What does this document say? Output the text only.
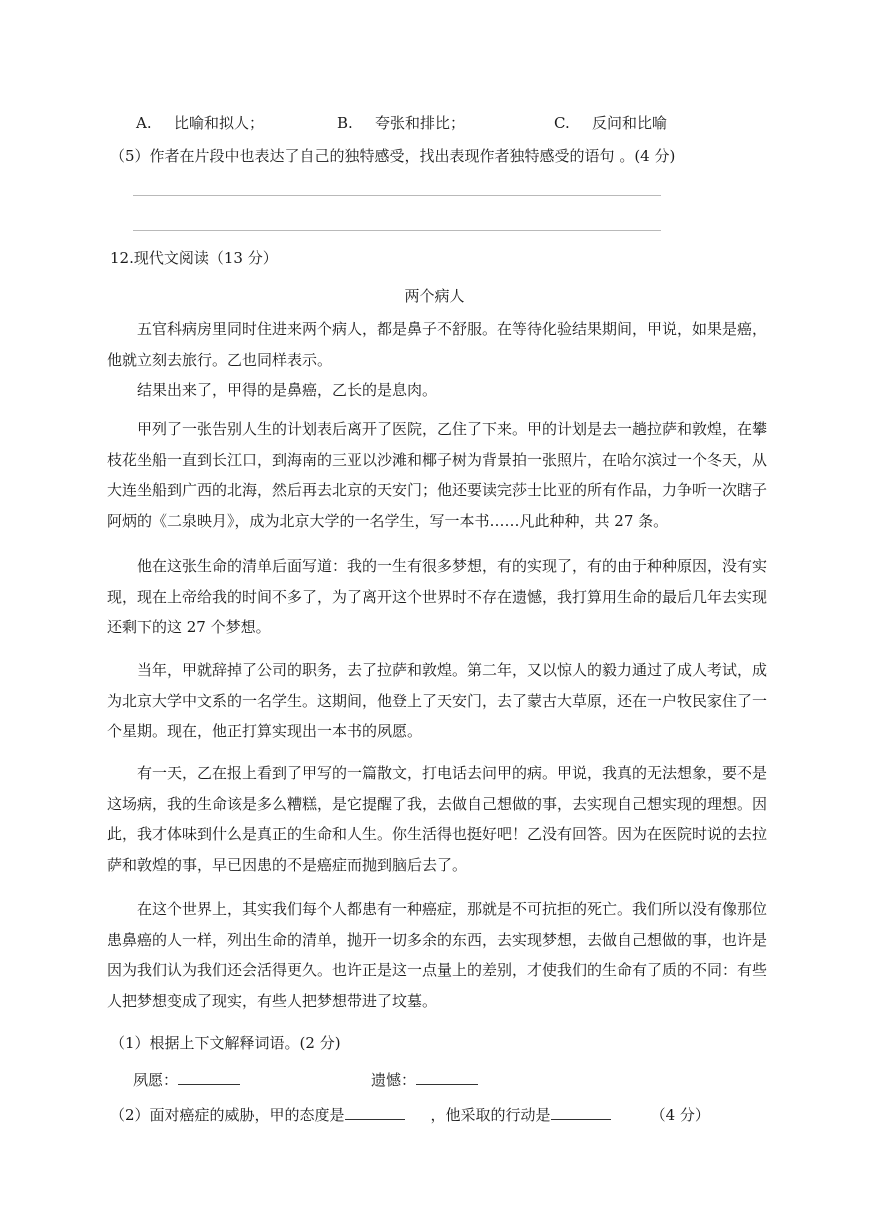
A. 比喻和拟人；	B. 夸张和排比；	C. 反问和比喻
（5）作者在片段中也表达了自己的独特感受，找出表现作者独特感受的语句 。(4 分)
12.现代文阅读（13 分）
两个病人
五官科病房里同时住进来两个病人，都是鼻子不舒服。在等待化验结果期间，甲说，如果是癌，他就立刻去旅行。乙也同样表示。
结果出来了，甲得的是鼻癌，乙长的是息肉。
甲列了一张告别人生的计划表后离开了医院，乙住了下来。甲的计划是去一趟拉萨和敦煌，在攀枝花坐船一直到长江口，到海南的三亚以沙滩和椰子树为背景拍一张照片，在哈尔滨过一个冬天，从大连坐船到广西的北海，然后再去北京的天安门；他还要读完莎士比亚的所有作品，力争听一次瞎子阿炳的《二泉映月》，成为北京大学的一名学生，写一本书……凡此种种，共 27 条。
他在这张生命的清单后面写道：我的一生有很多梦想，有的实现了，有的由于种种原因，没有实现，现在上帝给我的时间不多了，为了离开这个世界时不存在遗憾，我打算用生命的最后几年去实现还剩下的这 27 个梦想。
当年，甲就辞掉了公司的职务，去了拉萨和敦煌。第二年，又以惊人的毅力通过了成人考试，成为北京大学中文系的一名学生。这期间，他登上了天安门，去了蒙古大草原，还在一户牧民家住了一个星期。现在，他正打算实现出一本书的夙愿。
有一天，乙在报上看到了甲写的一篇散文，打电话去问甲的病。甲说，我真的无法想象，要不是这场病，我的生命该是多么糟糕，是它提醒了我，去做自己想做的事，去实现自己想实现的理想。因此，我才体味到什么是真正的生命和人生。你生活得也挺好吧！乙没有回答。因为在医院时说的去拉萨和敦煌的事，早已因患的不是癌症而抛到脑后去了。
在这个世界上，其实我们每个人都患有一种癌症，那就是不可抗拒的死亡。我们所以没有像那位患鼻癌的人一样，列出生命的清单，抛开一切多余的东西，去实现梦想，去做自己想做的事，也许是因为我们认为我们还会活得更久。也许正是这一点量上的差别，才使我们的生命有了质的不同：有些人把梦想变成了现实，有些人把梦想带进了坟墓。
（1）根据上下文解释词语。(2 分)
夙愿：	遗憾：
（2）面对癌症的威胁，甲的态度是	，他采取的行动是	（4 分）
